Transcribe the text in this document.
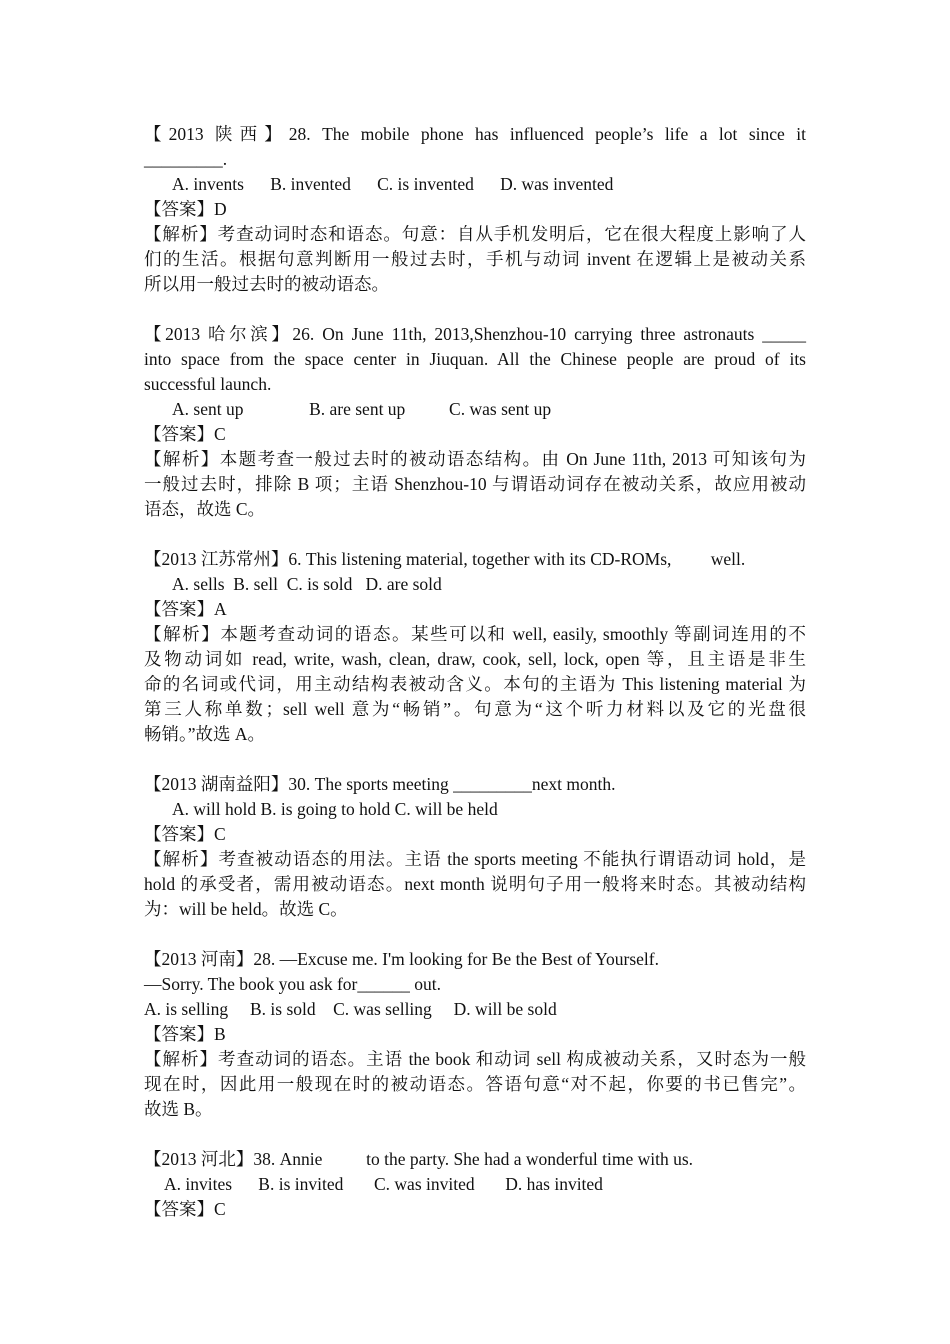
【2013 陕西】28. The mobile phone has influenced people’s life a lot since it
_________.
A. invents      B. invented      C. is invented      D. was invented
【答案】D
【解析】考查动词时态和语态。句意：自从手机发明后，它在很大程度上影响了人
们的生活。根据句意判断用一般过去时，手机与动词 invent 在逻辑上是被动关系
所以用一般过去时的被动语态。
【2013 哈尔滨】26. On June 11th, 2013,Shenzhou-10 carrying three astronauts _____
into space from the space center in Jiuquan. All the Chinese people are proud of its
successful launch.
A. sent up               B. are sent up          C. was sent up
【答案】C
【解析】本题考查一般过去时的被动语态结构。由 On June 11th, 2013 可知该句为
一般过去时，排除 B 项；主语 Shenzhou-10 与谓语动词存在被动关系，故应用被动
语态，故选 C。
【2013 江苏常州】6. This listening material, together with its CD-ROMs,         well.
A. sells  B. sell  C. is sold   D. are sold
【答案】A
【解析】本题考查动词的语态。某些可以和 well, easily, smoothly 等副词连用的不
及物动词如 read, write, wash, clean, draw, cook, sell, lock, open 等，且主语是非生
命的名词或代词，用主动结构表被动含义。本句的主语为 This listening material 为
第三人称单数；sell well 意为“畅销”。句意为“这个听力材料以及它的光盘很
畅销。”故选 A。
【2013 湖南益阳】30. The sports meeting _________next month.
A. will hold B. is going to hold C. will be held
【答案】C
【解析】考查被动语态的用法。主语 the sports meeting 不能执行谓语动词 hold，是
hold 的承受者，需用被动语态。next month 说明句子用一般将来时态。其被动结构
为：will be held。故选 C。
【2013 河南】28. —Excuse me. I'm looking for Be the Best of Yourself.
—Sorry. The book you ask for______ out.
A. is selling     B. is sold    C. was selling     D. will be sold
【答案】B
【解析】考查动词的语态。主语 the book 和动词 sell 构成被动关系，又时态为一般
现在时，因此用一般现在时的被动语态。答语句意“对不起，你要的书已售完”。
故选 B。
【2013 河北】38. Annie          to the party. She had a wonderful time with us.
A. invites      B. is invited       C. was invited       D. has invited
【答案】C
